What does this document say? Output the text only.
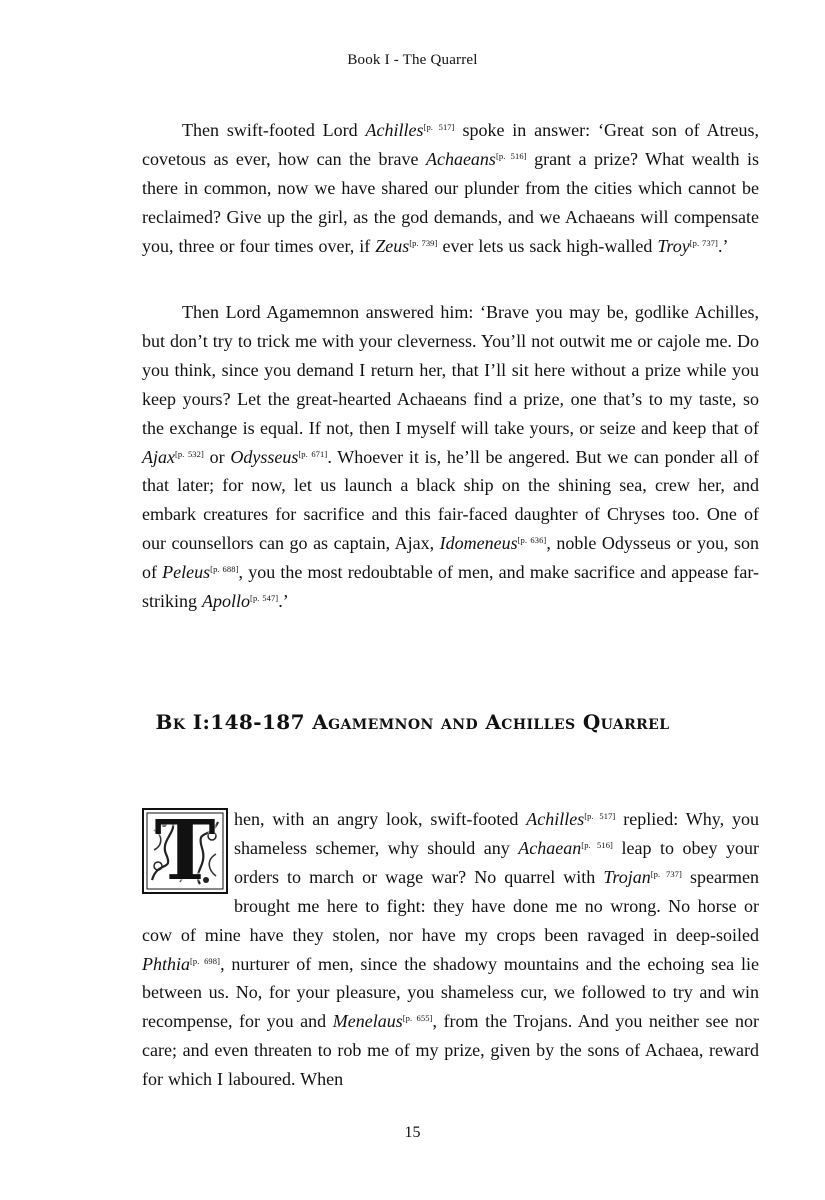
Book I - The Quarrel

Then swift-footed Lord Achilles[p. 517] spoke in answer: ‘Great son of Atreus, covetous as ever, how can the brave Achaeans[p. 516] grant a prize? What wealth is there in common, now we have shared our plunder from the cities which cannot be reclaimed? Give up the girl, as the god demands, and we Achaeans will compensate you, three or four times over, if Zeus[p. 739] ever lets us sack high-walled Troy[p. 737].’

Then Lord Agamemnon answered him: ‘Brave you may be, godlike Achilles, but don’t try to trick me with your cleverness. You’ll not outwit me or cajole me. Do you think, since you demand I return her, that I’ll sit here without a prize while you keep yours? Let the great-hearted Achaeans find a prize, one that’s to my taste, so the exchange is equal. If not, then I myself will take yours, or seize and keep that of Ajax[p. 532] or Odysseus[p. 671]. Whoever it is, he’ll be angered. But we can ponder all of that later; for now, let us launch a black ship on the shining sea, crew her, and embark creatures for sacrifice and this fair-faced daughter of Chryses too. One of our counsellors can go as captain, Ajax, Idomeneus[p. 636], noble Odysseus or you, son of Peleus[p. 688], you the most redoubtable of men, and make sacrifice and appease far-striking Apollo[p. 547].’

Bk I:148-187 Agamemnon and Achilles Quarrel
T	hen, with an angry look, swift-footed Achilles[p. 517] replied: Why, you shameless schemer, why should any Achaean[p. 516] leap to obey your orders to march or wage war? No quarrel with Trojan[p. 737] spearmen brought me here to fight: they have done me no wrong. No horse or cow of mine have they stolen, nor have my crops been ravaged in deep-soiled Phthia[p. 698], nurturer of men, since the shadowy mountains and the echoing sea lie between us. No, for your pleasure, you shameless cur, we followed to try and win recompense, for you and Menelaus[p. 655], from the Trojans. And you neither see nor care; and even threaten to rob me of my prize, given by the sons of Achaea, reward for which I laboured. When

15
